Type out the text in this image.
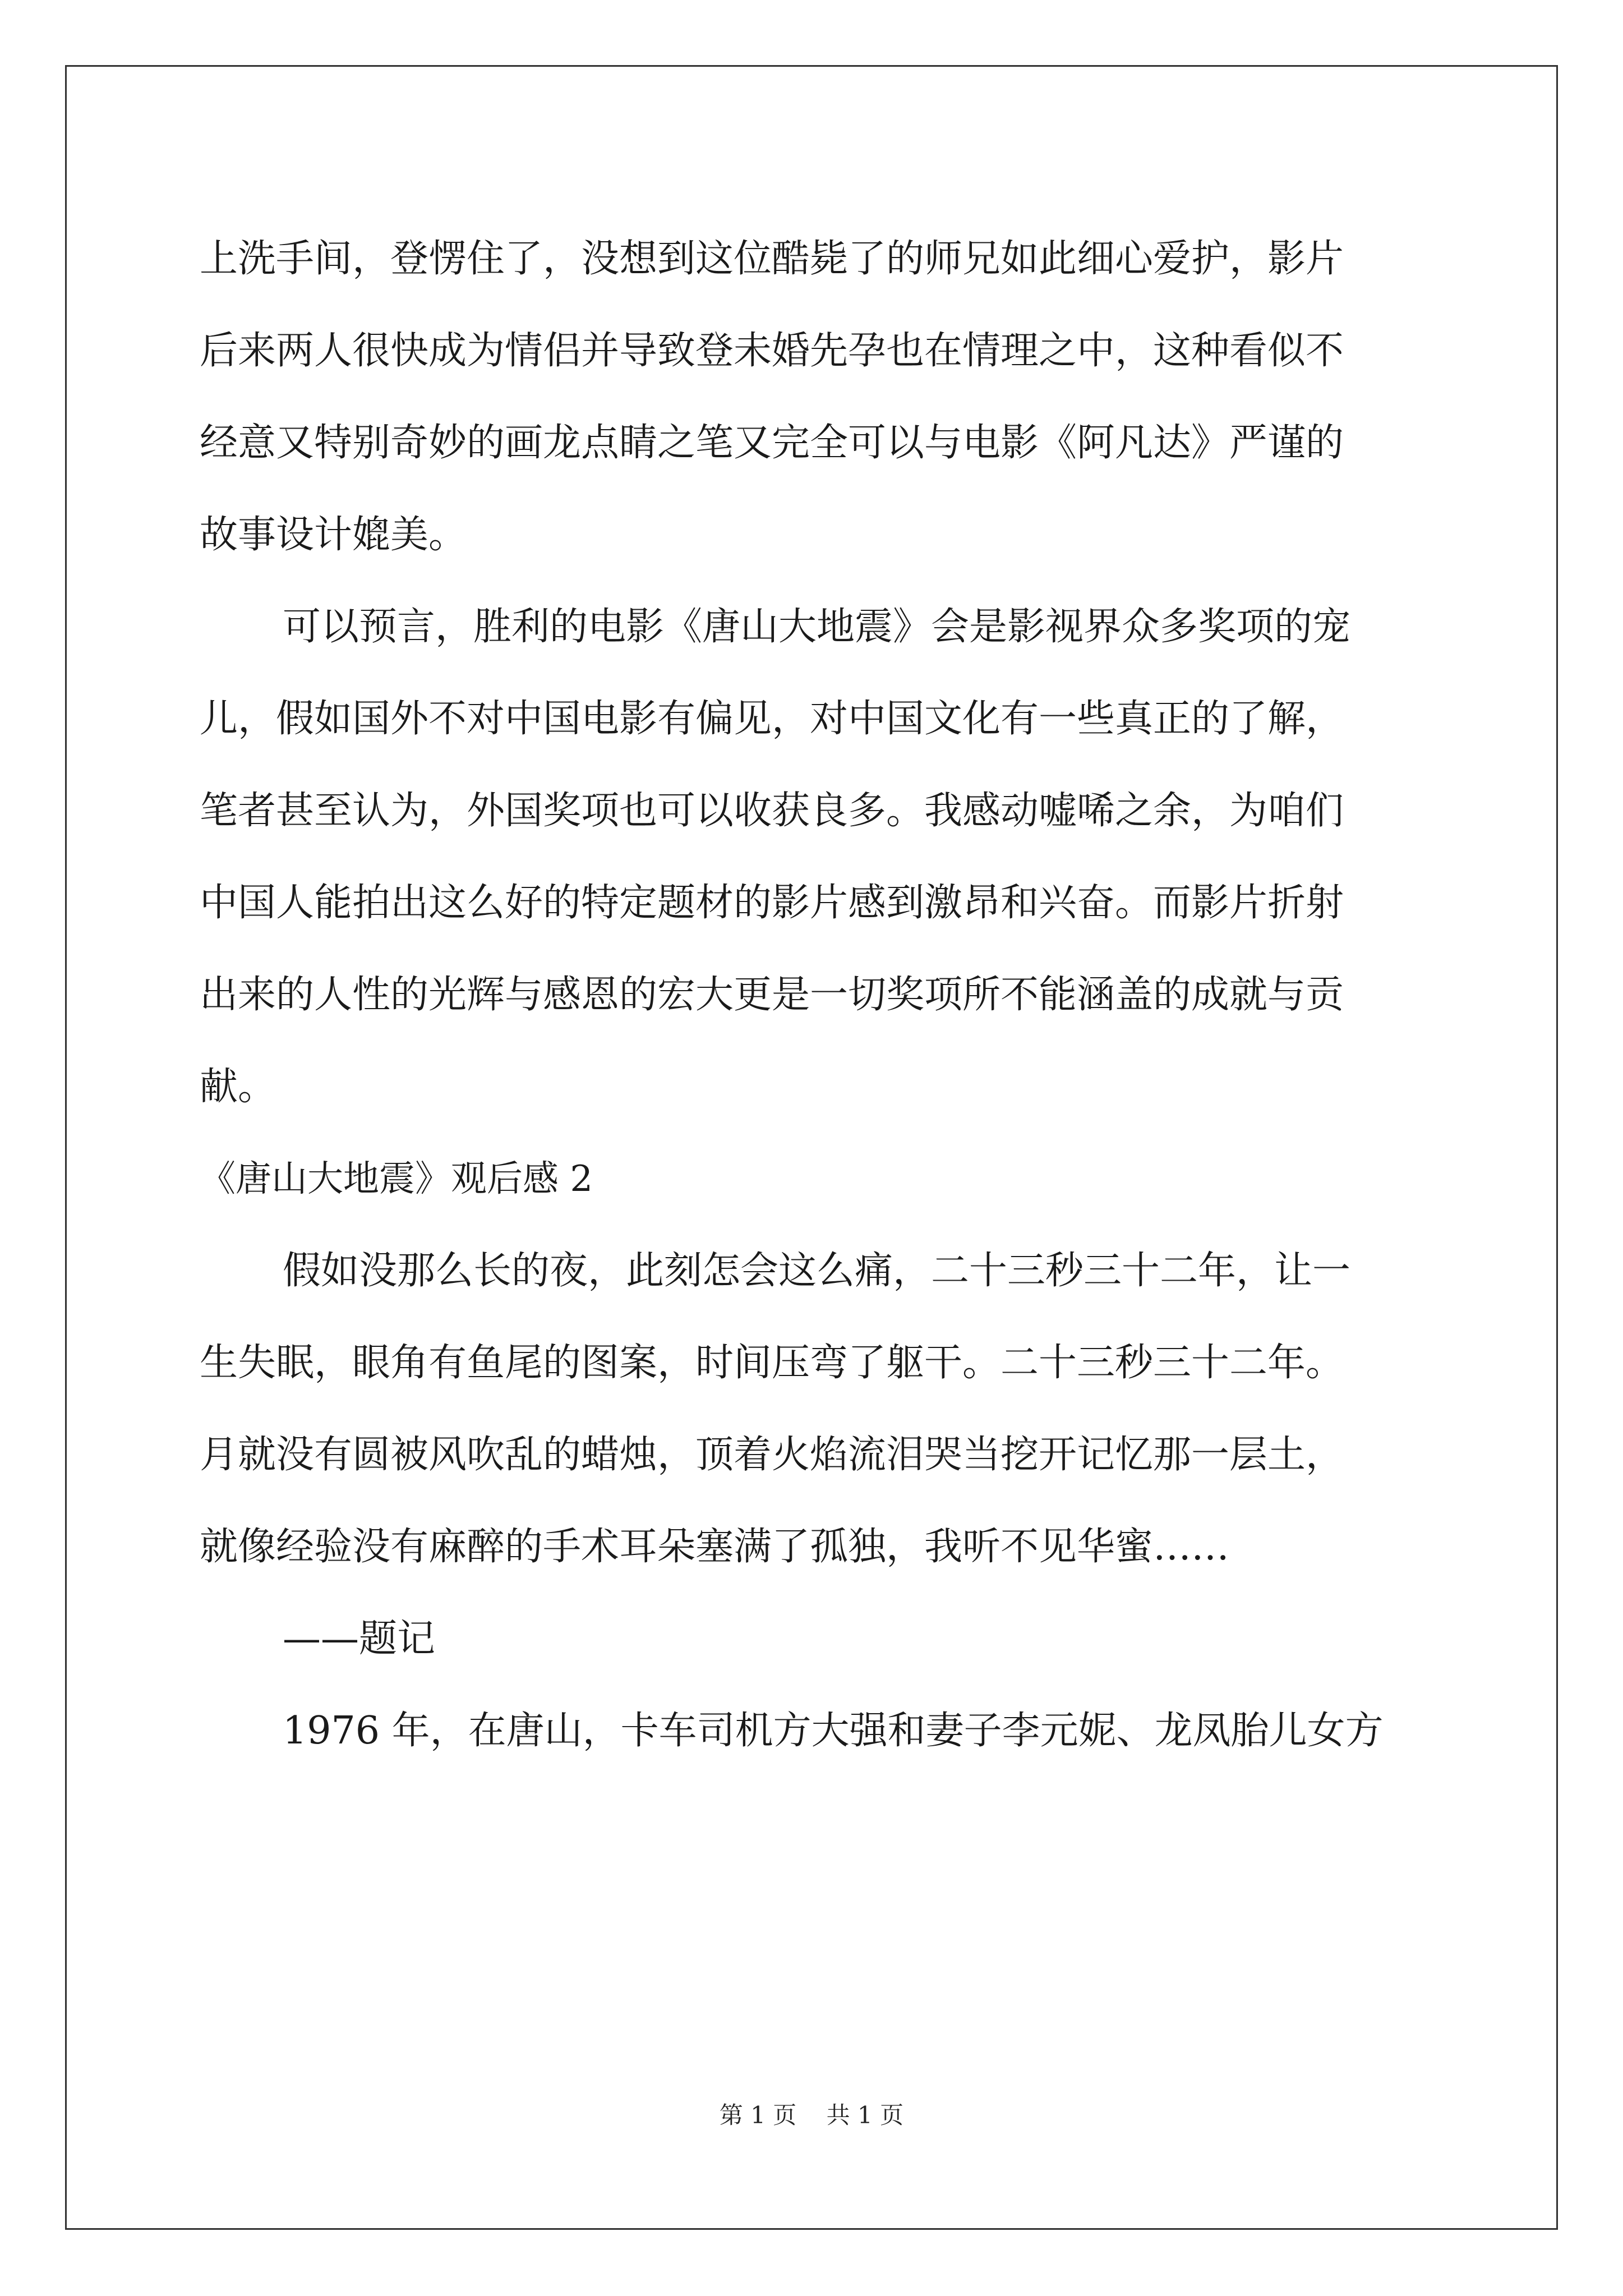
上洗手间，登愣住了，没想到这位酷毙了的师兄如此细心爱护，影片
后来两人很快成为情侣并导致登未婚先孕也在情理之中，这种看似不
经意又特别奇妙的画龙点睛之笔又完全可以与电影《阿凡达》严谨的
故事设计媲美。
可以预言，胜利的电影《唐山大地震》会是影视界众多奖项的宠
儿，假如国外不对中国电影有偏见，对中国文化有一些真正的了解，
笔者甚至认为，外国奖项也可以收获良多。我感动嘘唏之余，为咱们
中国人能拍出这么好的特定题材的影片感到激昂和兴奋。而影片折射
出来的人性的光辉与感恩的宏大更是一切奖项所不能涵盖的成就与贡
献。
《唐山大地震》观后感 2
假如没那么长的夜，此刻怎会这么痛，二十三秒三十二年，让一
生失眠，眼角有鱼尾的图案，时间压弯了躯干。二十三秒三十二年。
月就没有圆被风吹乱的蜡烛，顶着火焰流泪哭当挖开记忆那一层土，
就像经验没有麻醉的手术耳朵塞满了孤独，我听不见华蜜……
——题记
1976 年，在唐山，卡车司机方大强和妻子李元妮、龙凤胎儿女方
第 1 页 共 1 页
